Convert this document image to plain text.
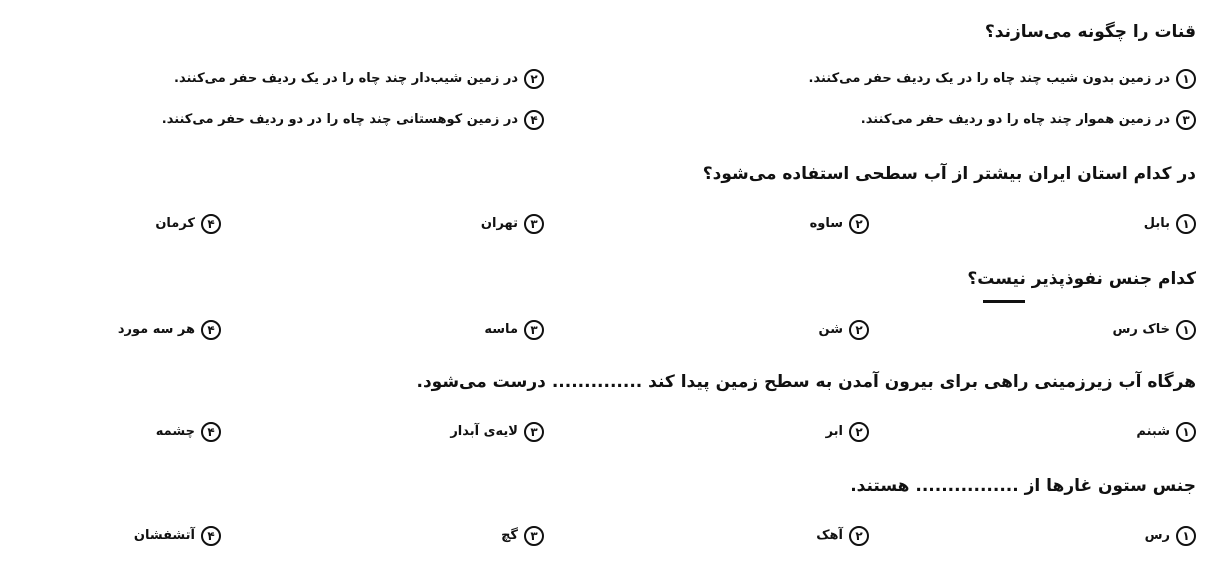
قنات را چگونه می‌سازند؟
۱
در زمین بدون شیب چند چاه را در یک ردیف حفر می‌کنند.
۲
در زمین شیب‌دار چند چاه را در یک ردیف حفر می‌کنند.
۳
در زمین هموار چند چاه را دو ردیف حفر می‌کنند.
۴
در زمین کوهستانی چند چاه را در دو ردیف حفر می‌کنند.
در کدام استان ایران بیشتر از آب سطحی استفاده می‌شود؟
۱
بابل
۲
ساوه
۳
تهران
۴
کرمان
کدام جنس نفوذپذیر نیست؟
۱
خاک رس
۲
شن
۳
ماسه
۴
هر سه مورد
هرگاه آب زیرزمینی راهی برای بیرون آمدن به سطح زمین پیدا کند .............. درست می‌شود.
۱
شبنم
۲
ابر
۳
لایه‌ی آبدار
۴
چشمه
جنس ستون غارها از ................ هستند.
۱
رس
۲
آهک
۳
گچ
۴
آتشفشان
